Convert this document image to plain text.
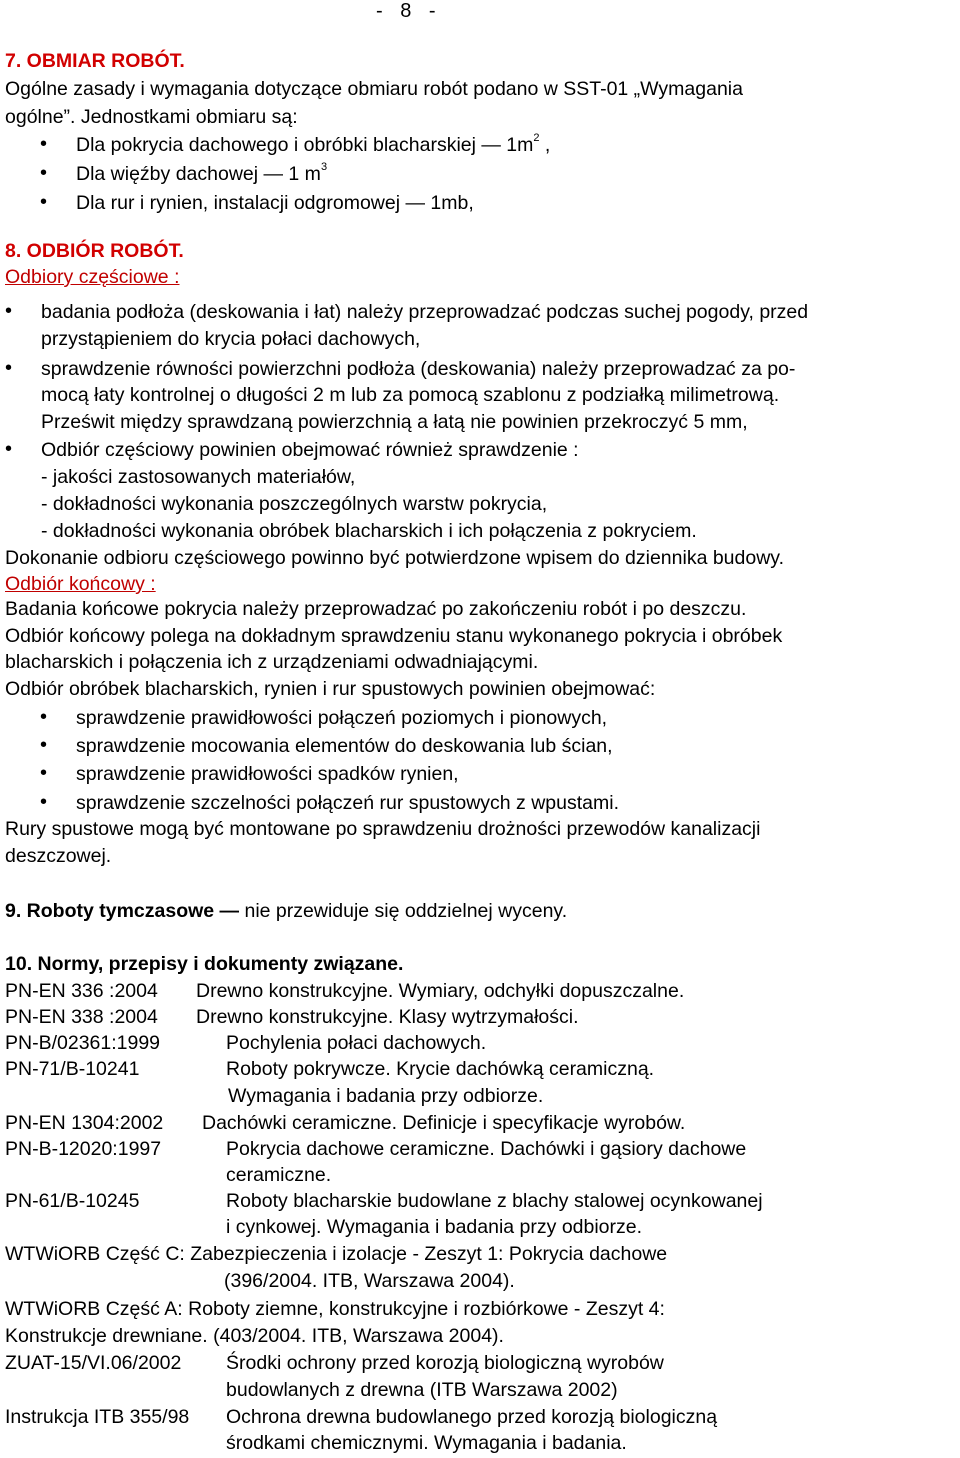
- 8 -
7. OBMIAR ROBÓT.
Ogólne zasady i wymagania dotyczące obmiaru robót podano w SST-01 „Wymagania
ogólne”. Jednostkami obmiaru są:
• Dla pokrycia dachowego i obróbki blacharskiej — $1m^2$ ,
• Dla więźby dachowej — 1 $m^3$
• Dla rur i rynien, instalacji odgromowej — 1mb,
8. ODBIÓR ROBÓT.
Odbiory częściowe :
• badania podłoża (deskowania i łat) należy przeprowadzać podczas suchej pogody, przed
przystąpieniem do krycia połaci dachowych,
• sprawdzenie równości powierzchni podłoża (deskowania) należy przeprowadzać za po-
mocą łaty kontrolnej o długości 2 m lub za pomocą szablonu z podziałką milimetrową.
Prześwit między sprawdzaną powierzchnią a łatą nie powinien przekroczyć 5 mm,
• Odbiór częściowy powinien obejmować również sprawdzenie :
- jakości zastosowanych materiałów,
- dokładności wykonania poszczególnych warstw pokrycia,
- dokładności wykonania obróbek blacharskich i ich połączenia z pokryciem.
Dokonanie odbioru częściowego powinno być potwierdzone wpisem do dziennika budowy.
Odbiór końcowy :
Badania końcowe pokrycia należy przeprowadzać po zakończeniu robót i po deszczu.
Odbiór końcowy polega na dokładnym sprawdzeniu stanu wykonanego pokrycia i obróbek
blacharskich i połączenia ich z urządzeniami odwadniającymi.
Odbiór obróbek blacharskich, rynien i rur spustowych powinien obejmować:
• sprawdzenie prawidłowości połączeń poziomych i pionowych,
• sprawdzenie mocowania elementów do deskowania lub ścian,
• sprawdzenie prawidłowości spadków rynien,
• sprawdzenie szczelności połączeń rur spustowych z wpustami.
Rury spustowe mogą być montowane po sprawdzeniu drożności przewodów kanalizacji
deszczowej.
9. Roboty tymczasowe — nie przewiduje się oddzielnej wyceny.
10. Normy, przepisy i dokumenty związane.
PN-EN 336 :2004 Drewno konstrukcyjne. Wymiary, odchyłki dopuszczalne.
PN-EN 338 :2004 Drewno konstrukcyjne. Klasy wytrzymałości.
PN-B/02361:1999	Pochylenia połaci dachowych.
PN-71/B-10241	Roboty pokrywcze. Krycie dachówką ceramiczną.
Wymagania i badania przy odbiorze.
PN-EN 1304:2002 Dachówki ceramiczne. Definicje i specyfikacje wyrobów.
PN-B-12020:1997	Pokrycia dachowe ceramiczne. Dachówki i gąsiory dachowe
ceramiczne.
PN-61/B-10245	Roboty blacharskie budowlane z blachy stalowej ocynkowanej
i cynkowej. Wymagania i badania przy odbiorze.
WTWiORB Część C: Zabezpieczenia i izolacje - Zeszyt 1: Pokrycia dachowe
(396/2004. ITB, Warszawa 2004).
WTWiORB Część A: Roboty ziemne, konstrukcyjne i rozbiórkowe - Zeszyt 4:
Konstrukcje drewniane. (403/2004. ITB, Warszawa 2004).
ZUAT-15/VI.06/2002 Środki ochrony przed korozją biologiczną wyrobów
budowlanych z drewna (ITB Warszawa 2002)
Instrukcja ITB 355/98 Ochrona drewna budowlanego przed korozją biologiczną
środkami chemicznymi. Wymagania i badania.
